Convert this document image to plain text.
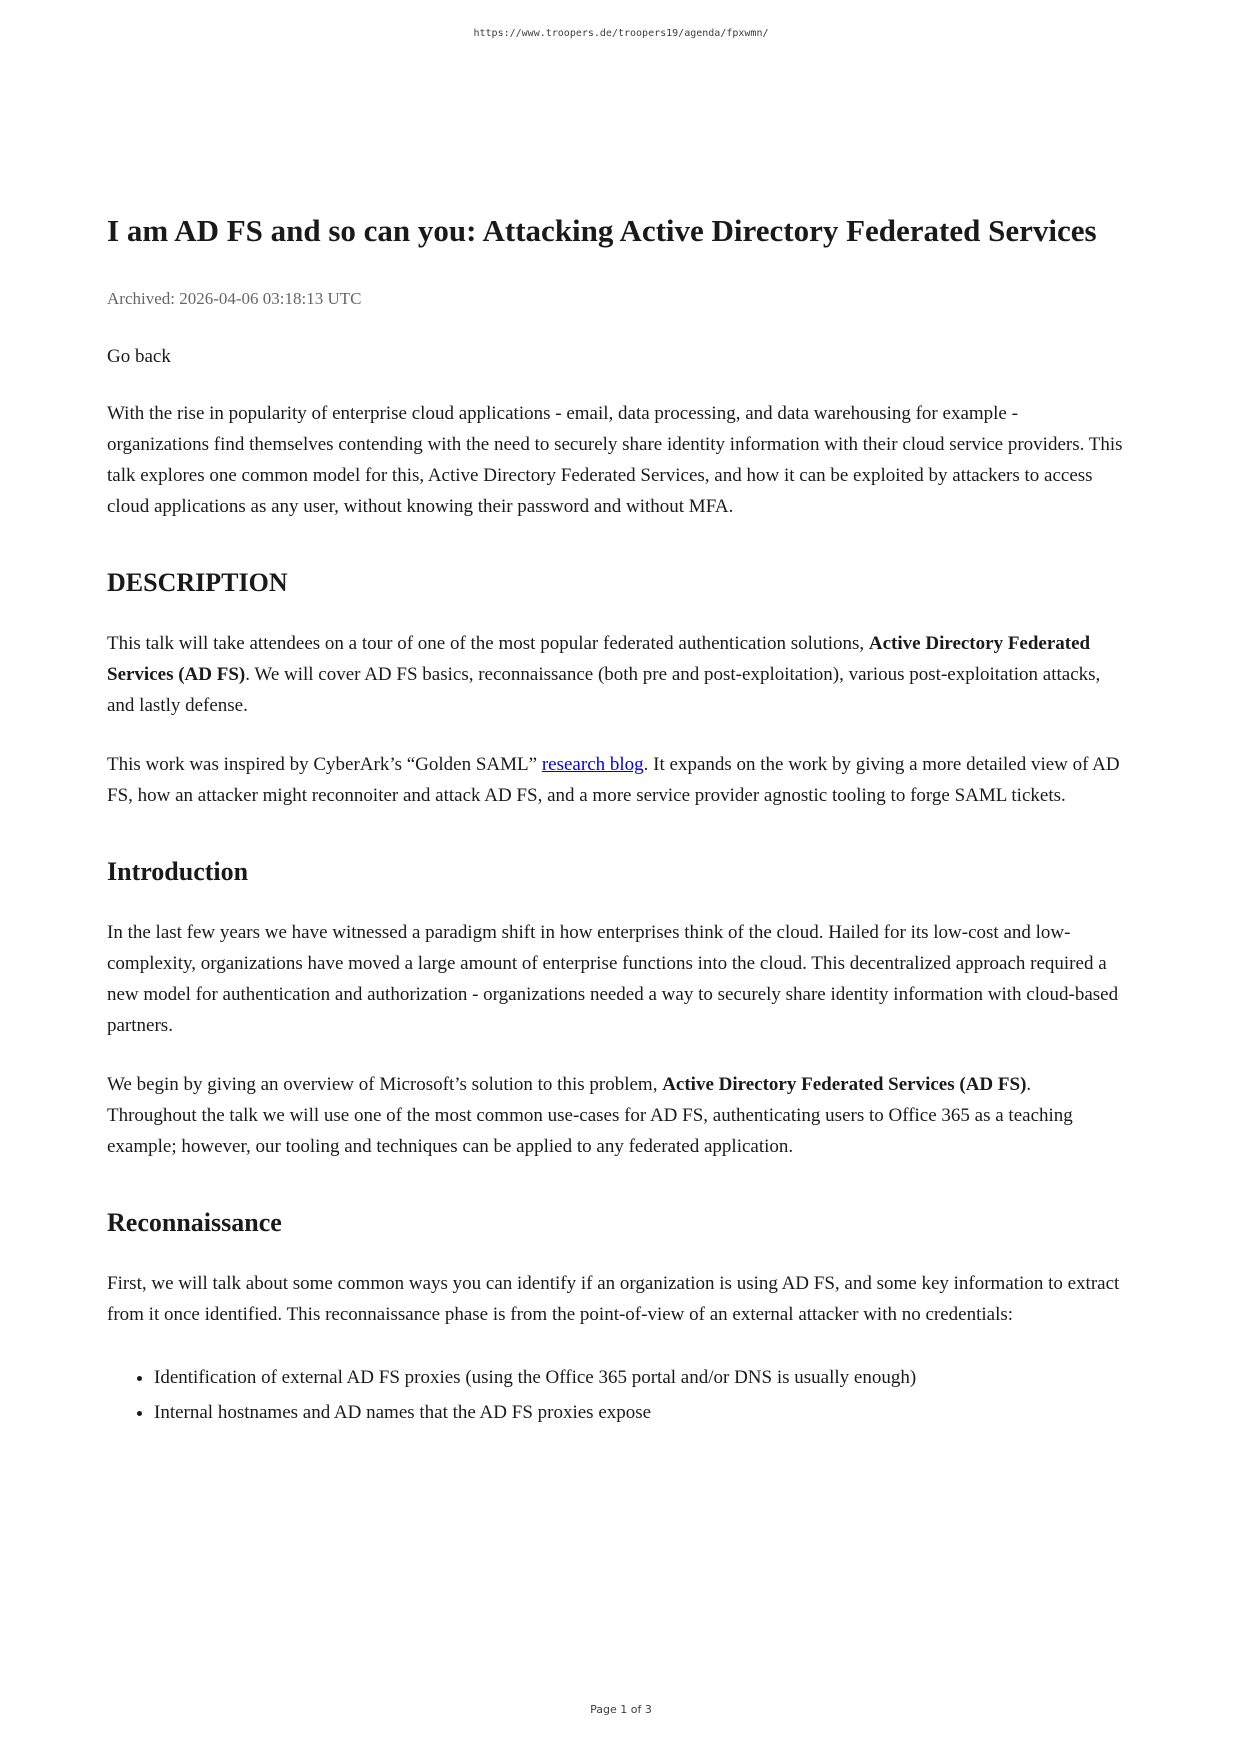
https://www.troopers.de/troopers19/agenda/fpxwmn/
I am AD FS and so can you: Attacking Active Directory Federated Services

Archived: 2026-04-06 03:18:13 UTC

Go back

With the rise in popularity of enterprise cloud applications - email, data processing, and data warehousing for example - organizations find themselves contending with the need to securely share identity information with their cloud service providers. This talk explores one common model for this, Active Directory Federated Services, and how it can be exploited by attackers to access cloud applications as any user, without knowing their password and without MFA.

DESCRIPTION

This talk will take attendees on a tour of one of the most popular federated authentication solutions, Active Directory Federated Services (AD FS). We will cover AD FS basics, reconnaissance (both pre and post-exploitation), various post-exploitation attacks, and lastly defense.

This work was inspired by CyberArk’s “Golden SAML” research blog. It expands on the work by giving a more detailed view of AD FS, how an attacker might reconnoiter and attack AD FS, and a more service provider agnostic tooling to forge SAML tickets.

Introduction

In the last few years we have witnessed a paradigm shift in how enterprises think of the cloud. Hailed for its low-cost and low-complexity, organizations have moved a large amount of enterprise functions into the cloud. This decentralized approach required a new model for authentication and authorization - organizations needed a way to securely share identity information with cloud-based partners.

We begin by giving an overview of Microsoft’s solution to this problem, Active Directory Federated Services (AD FS). Throughout the talk we will use one of the most common use-cases for AD FS, authenticating users to Office 365 as a teaching example; however, our tooling and techniques can be applied to any federated application.

Reconnaissance

First, we will talk about some common ways you can identify if an organization is using AD FS, and some key information to extract from it once identified. This reconnaissance phase is from the point-of-view of an external attacker with no credentials:

• Identification of external AD FS proxies (using the Office 365 portal and/or DNS is usually enough)
• Internal hostnames and AD names that the AD FS proxies expose
Page 1 of 3
